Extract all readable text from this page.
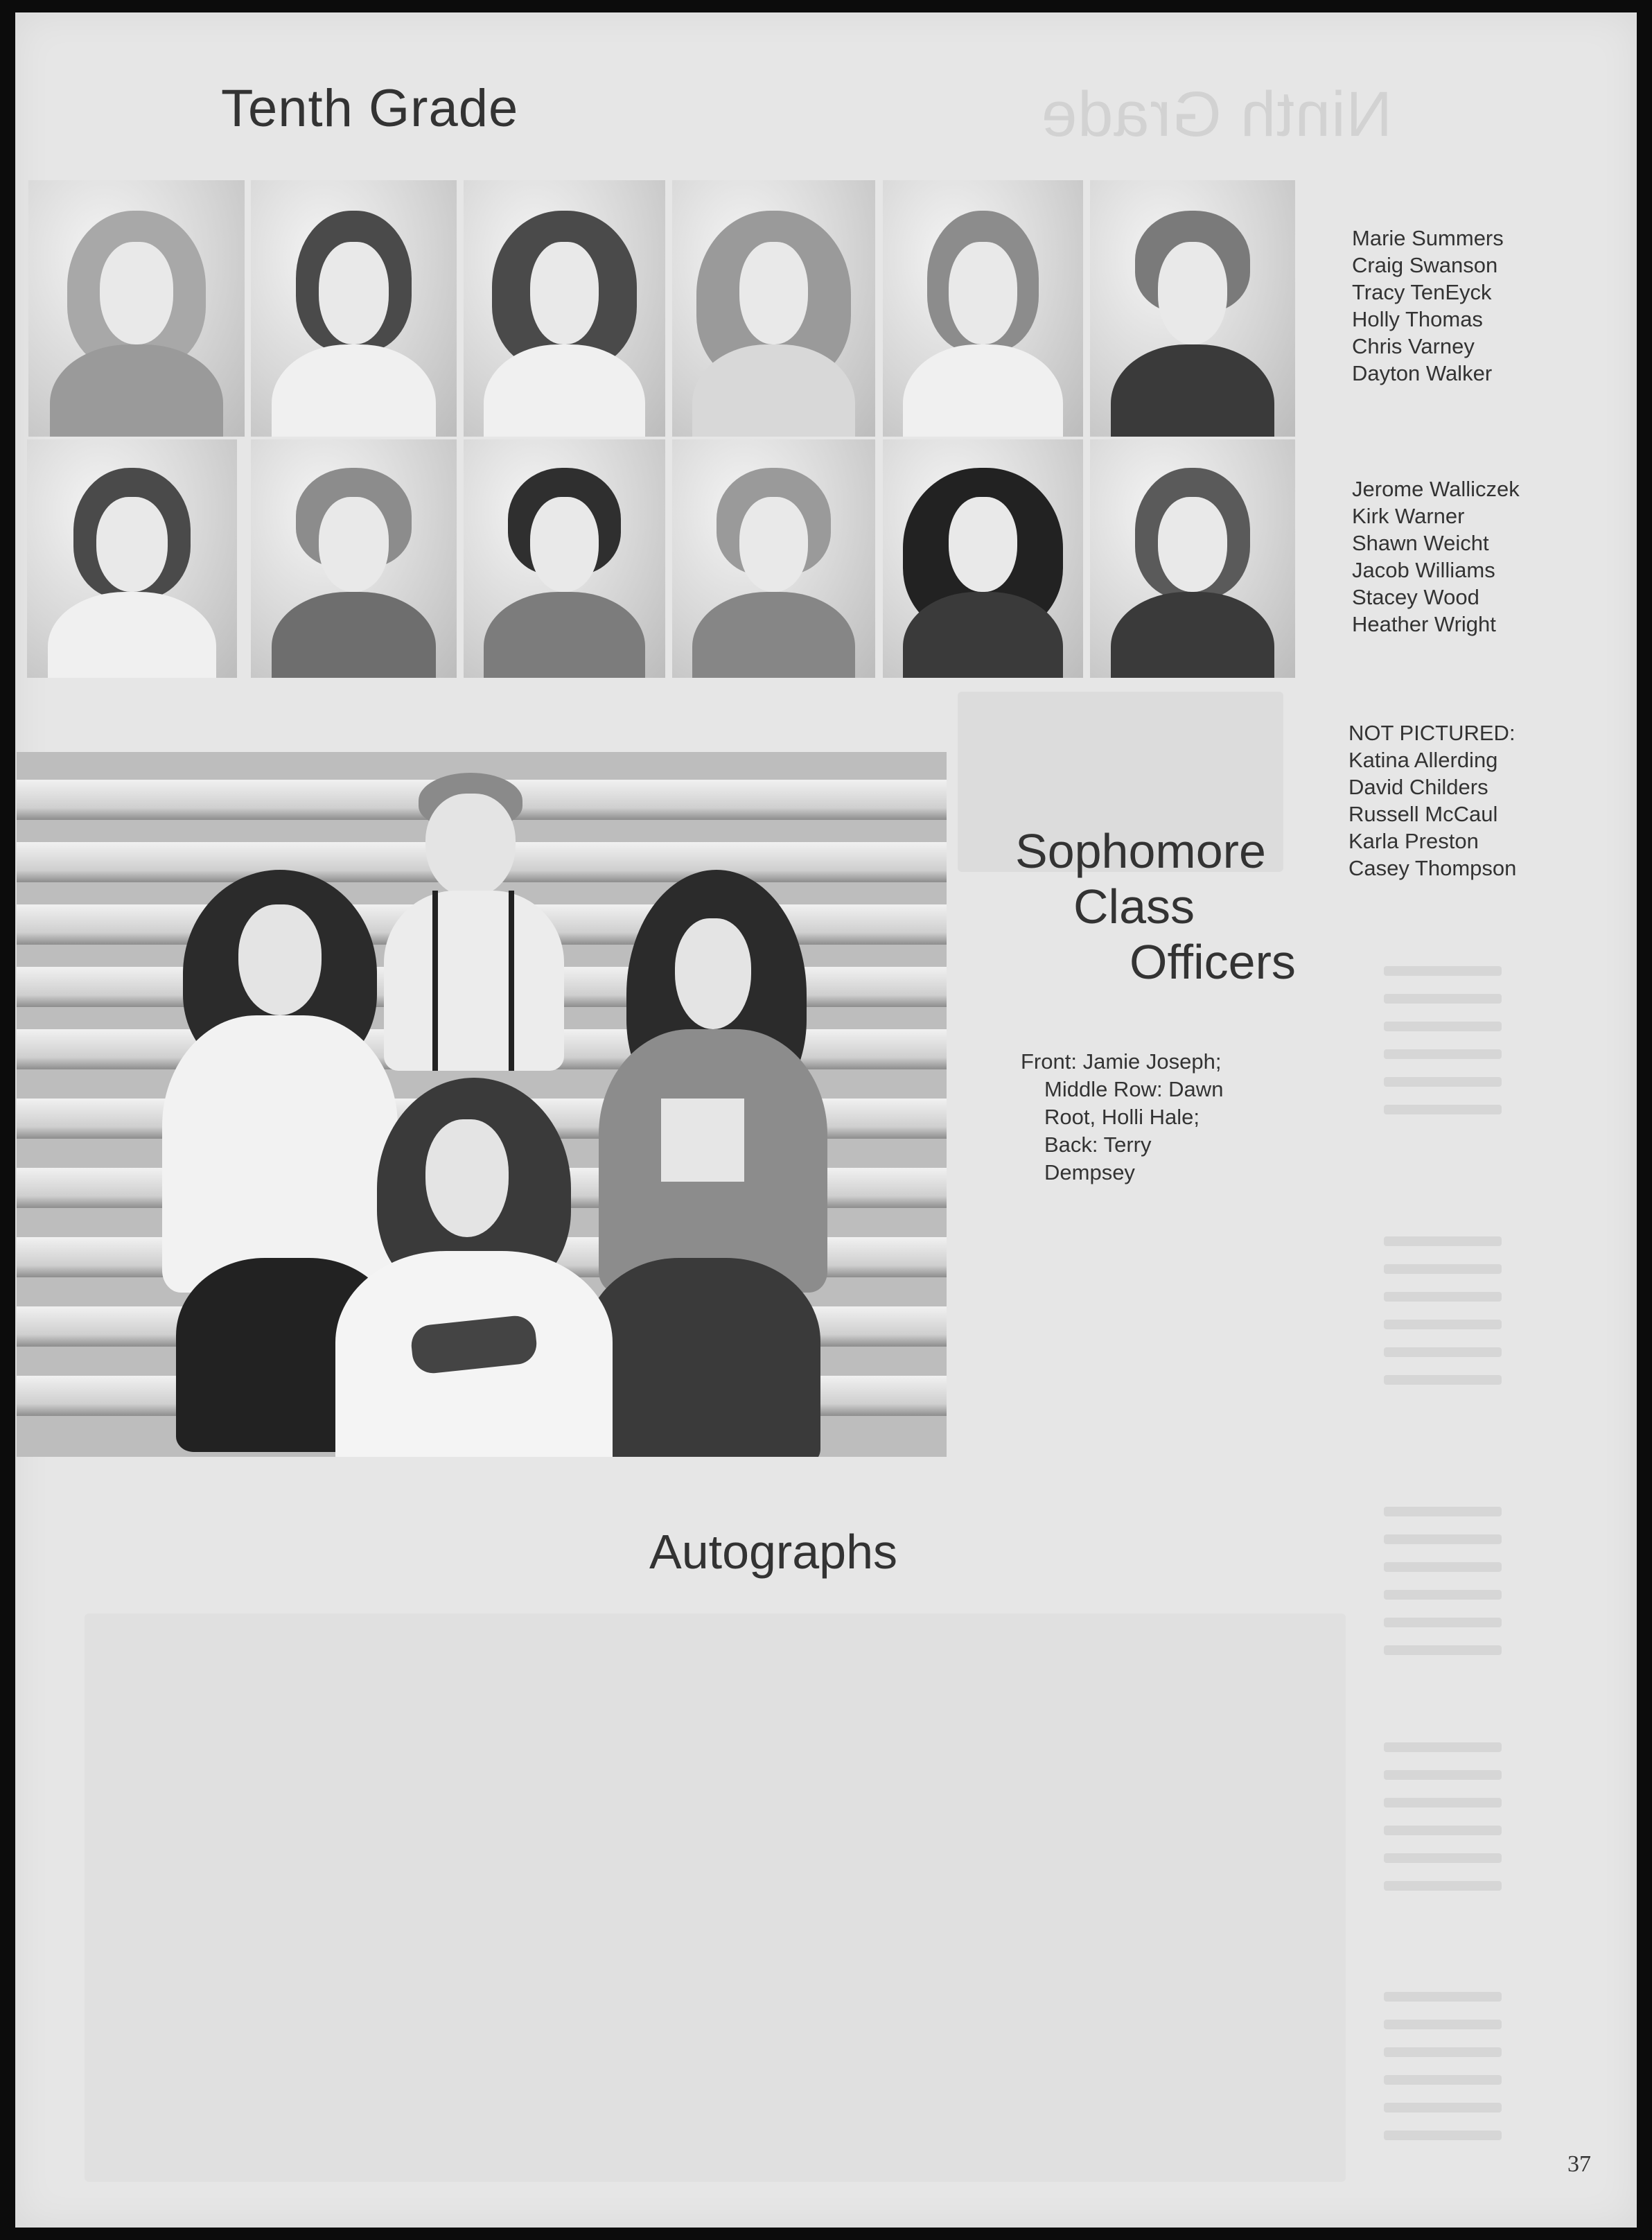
Ninth Grade
Tenth Grade
Marie Summers
Craig Swanson
Tracy TenEyck
Holly Thomas
Chris Varney
Dayton Walker
Jerome Walliczek
Kirk Warner
Shawn Weicht
Jacob Williams
Stacey Wood
Heather Wright
NOT PICTURED:
Katina Allerding
David Childers
Russell McCaul
Karla Preston
Casey Thompson
Sophomore
Class
Officers
Front: Jamie Joseph;
Middle Row: Dawn
Root, Holli Hale;
Back: Terry
Dempsey
Autographs
37
